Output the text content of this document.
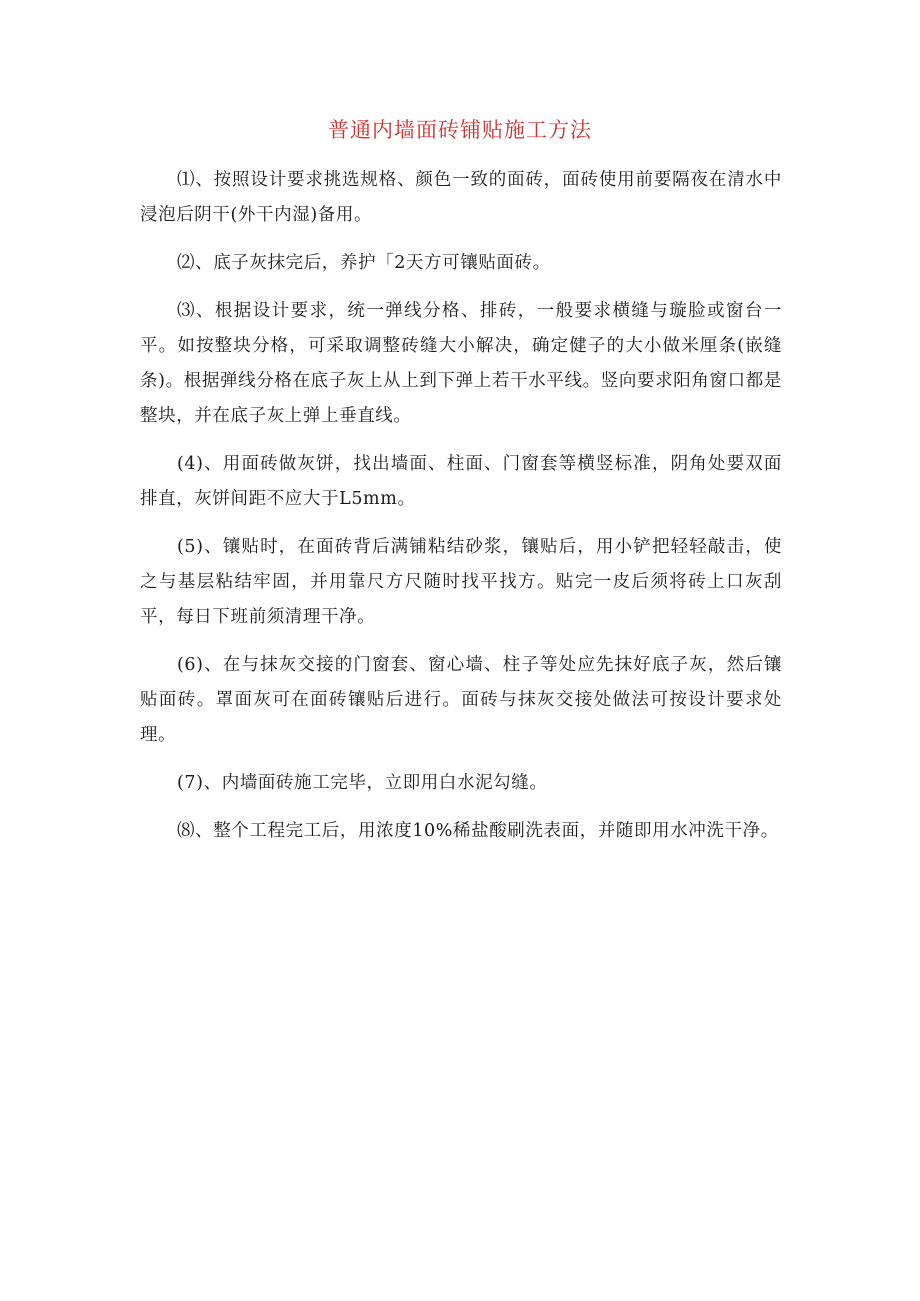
普通内墙面砖铺贴施工方法

⑴、按照设计要求挑选规格、颜色一致的面砖，面砖使用前要隔夜在清水中浸泡后阴干(外干内湿)备用。

⑵、底子灰抹完后，养护「2天方可镶贴面砖。

⑶、根据设计要求，统一弹线分格、排砖，一般要求横缝与璇脸或窗台一平。如按整块分格，可采取调整砖缝大小解决，确定健子的大小做米厘条(嵌缝条)。根据弹线分格在底子灰上从上到下弹上若干水平线。竖向要求阳角窗口都是整块，并在底子灰上弹上垂直线。

(4)、用面砖做灰饼，找出墙面、柱面、门窗套等横竖标准，阴角处要双面排直，灰饼间距不应大于L5mm。

(5)、镶贴时，在面砖背后满铺粘结砂浆，镶贴后，用小铲把轻轻敲击，使之与基层粘结牢固，并用靠尺方尺随时找平找方。贴完一皮后须将砖上口灰刮平，每日下班前须清理干净。

(6)、在与抹灰交接的门窗套、窗心墙、柱子等处应先抹好底子灰，然后镶贴面砖。罩面灰可在面砖镶贴后进行。面砖与抹灰交接处做法可按设计要求处理。

(7)、内墙面砖施工完毕，立即用白水泥勾缝。

⑻、整个工程完工后，用浓度10%稀盐酸刷洗表面，并随即用水冲洗干净。
